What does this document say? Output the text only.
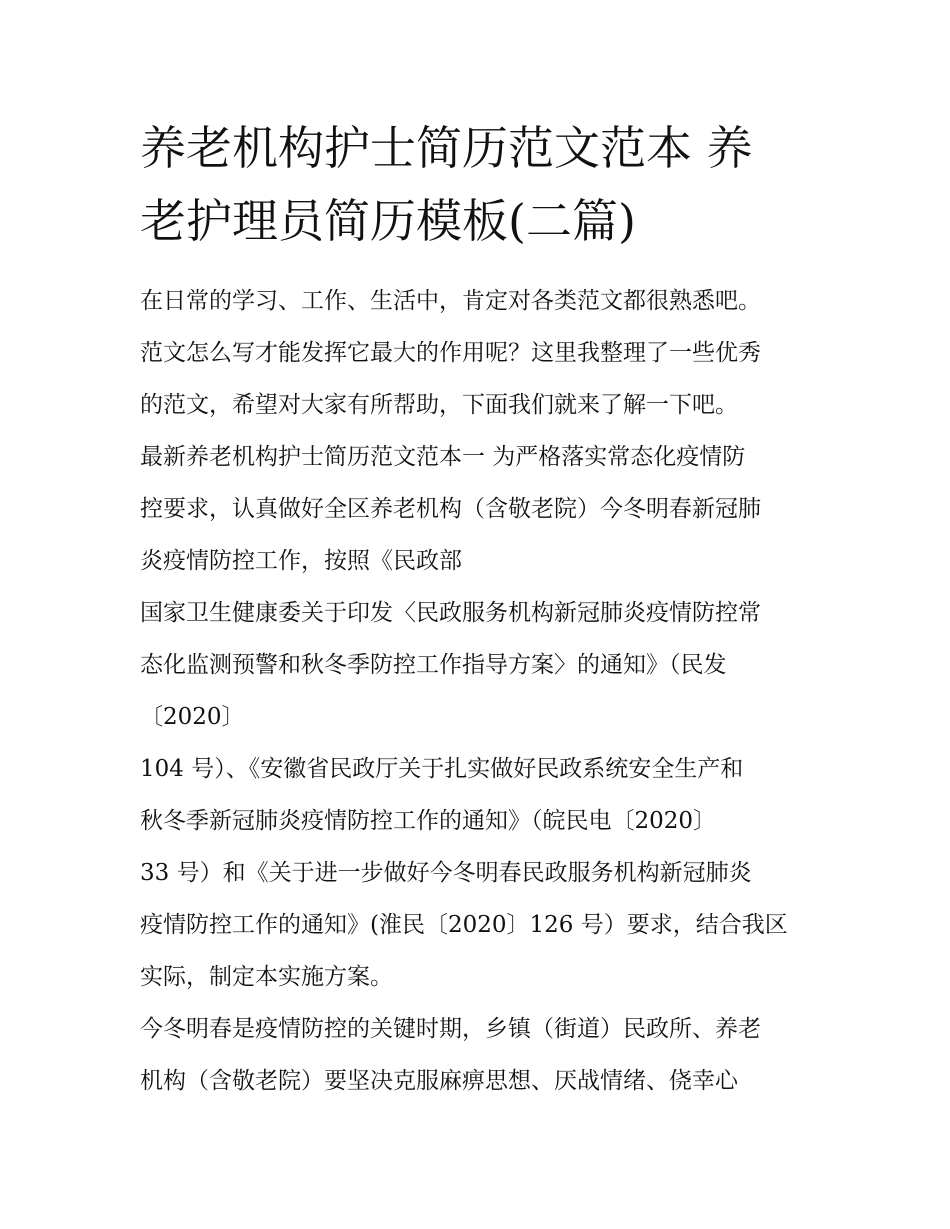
养老机构护士简历范文范本 养
老护理员简历模板(二篇)
在日常的学习、工作、生活中，肯定对各类范文都很熟悉吧。
范文怎么写才能发挥它最大的作用呢？这里我整理了一些优秀
的范文，希望对大家有所帮助，下面我们就来了解一下吧。
最新养老机构护士简历范文范本一 为严格落实常态化疫情防
控要求，认真做好全区养老机构（含敬老院）今冬明春新冠肺
炎疫情防控工作，按照《民政部
国家卫生健康委关于印发〈民政服务机构新冠肺炎疫情防控常
态化监测预警和秋冬季防控工作指导方案〉的通知》（民发
〔2020〕
104 号）、《安徽省民政厅关于扎实做好民政系统安全生产和
秋冬季新冠肺炎疫情防控工作的通知》（皖民电〔2020〕
33 号）和《关于进一步做好今冬明春民政服务机构新冠肺炎
疫情防控工作的通知》(淮民〔2020〕126 号）要求，结合我区
实际，制定本实施方案。
今冬明春是疫情防控的关键时期，乡镇（街道）民政所、养老
机构（含敬老院）要坚决克服麻痹思想、厌战情绪、侥幸心
